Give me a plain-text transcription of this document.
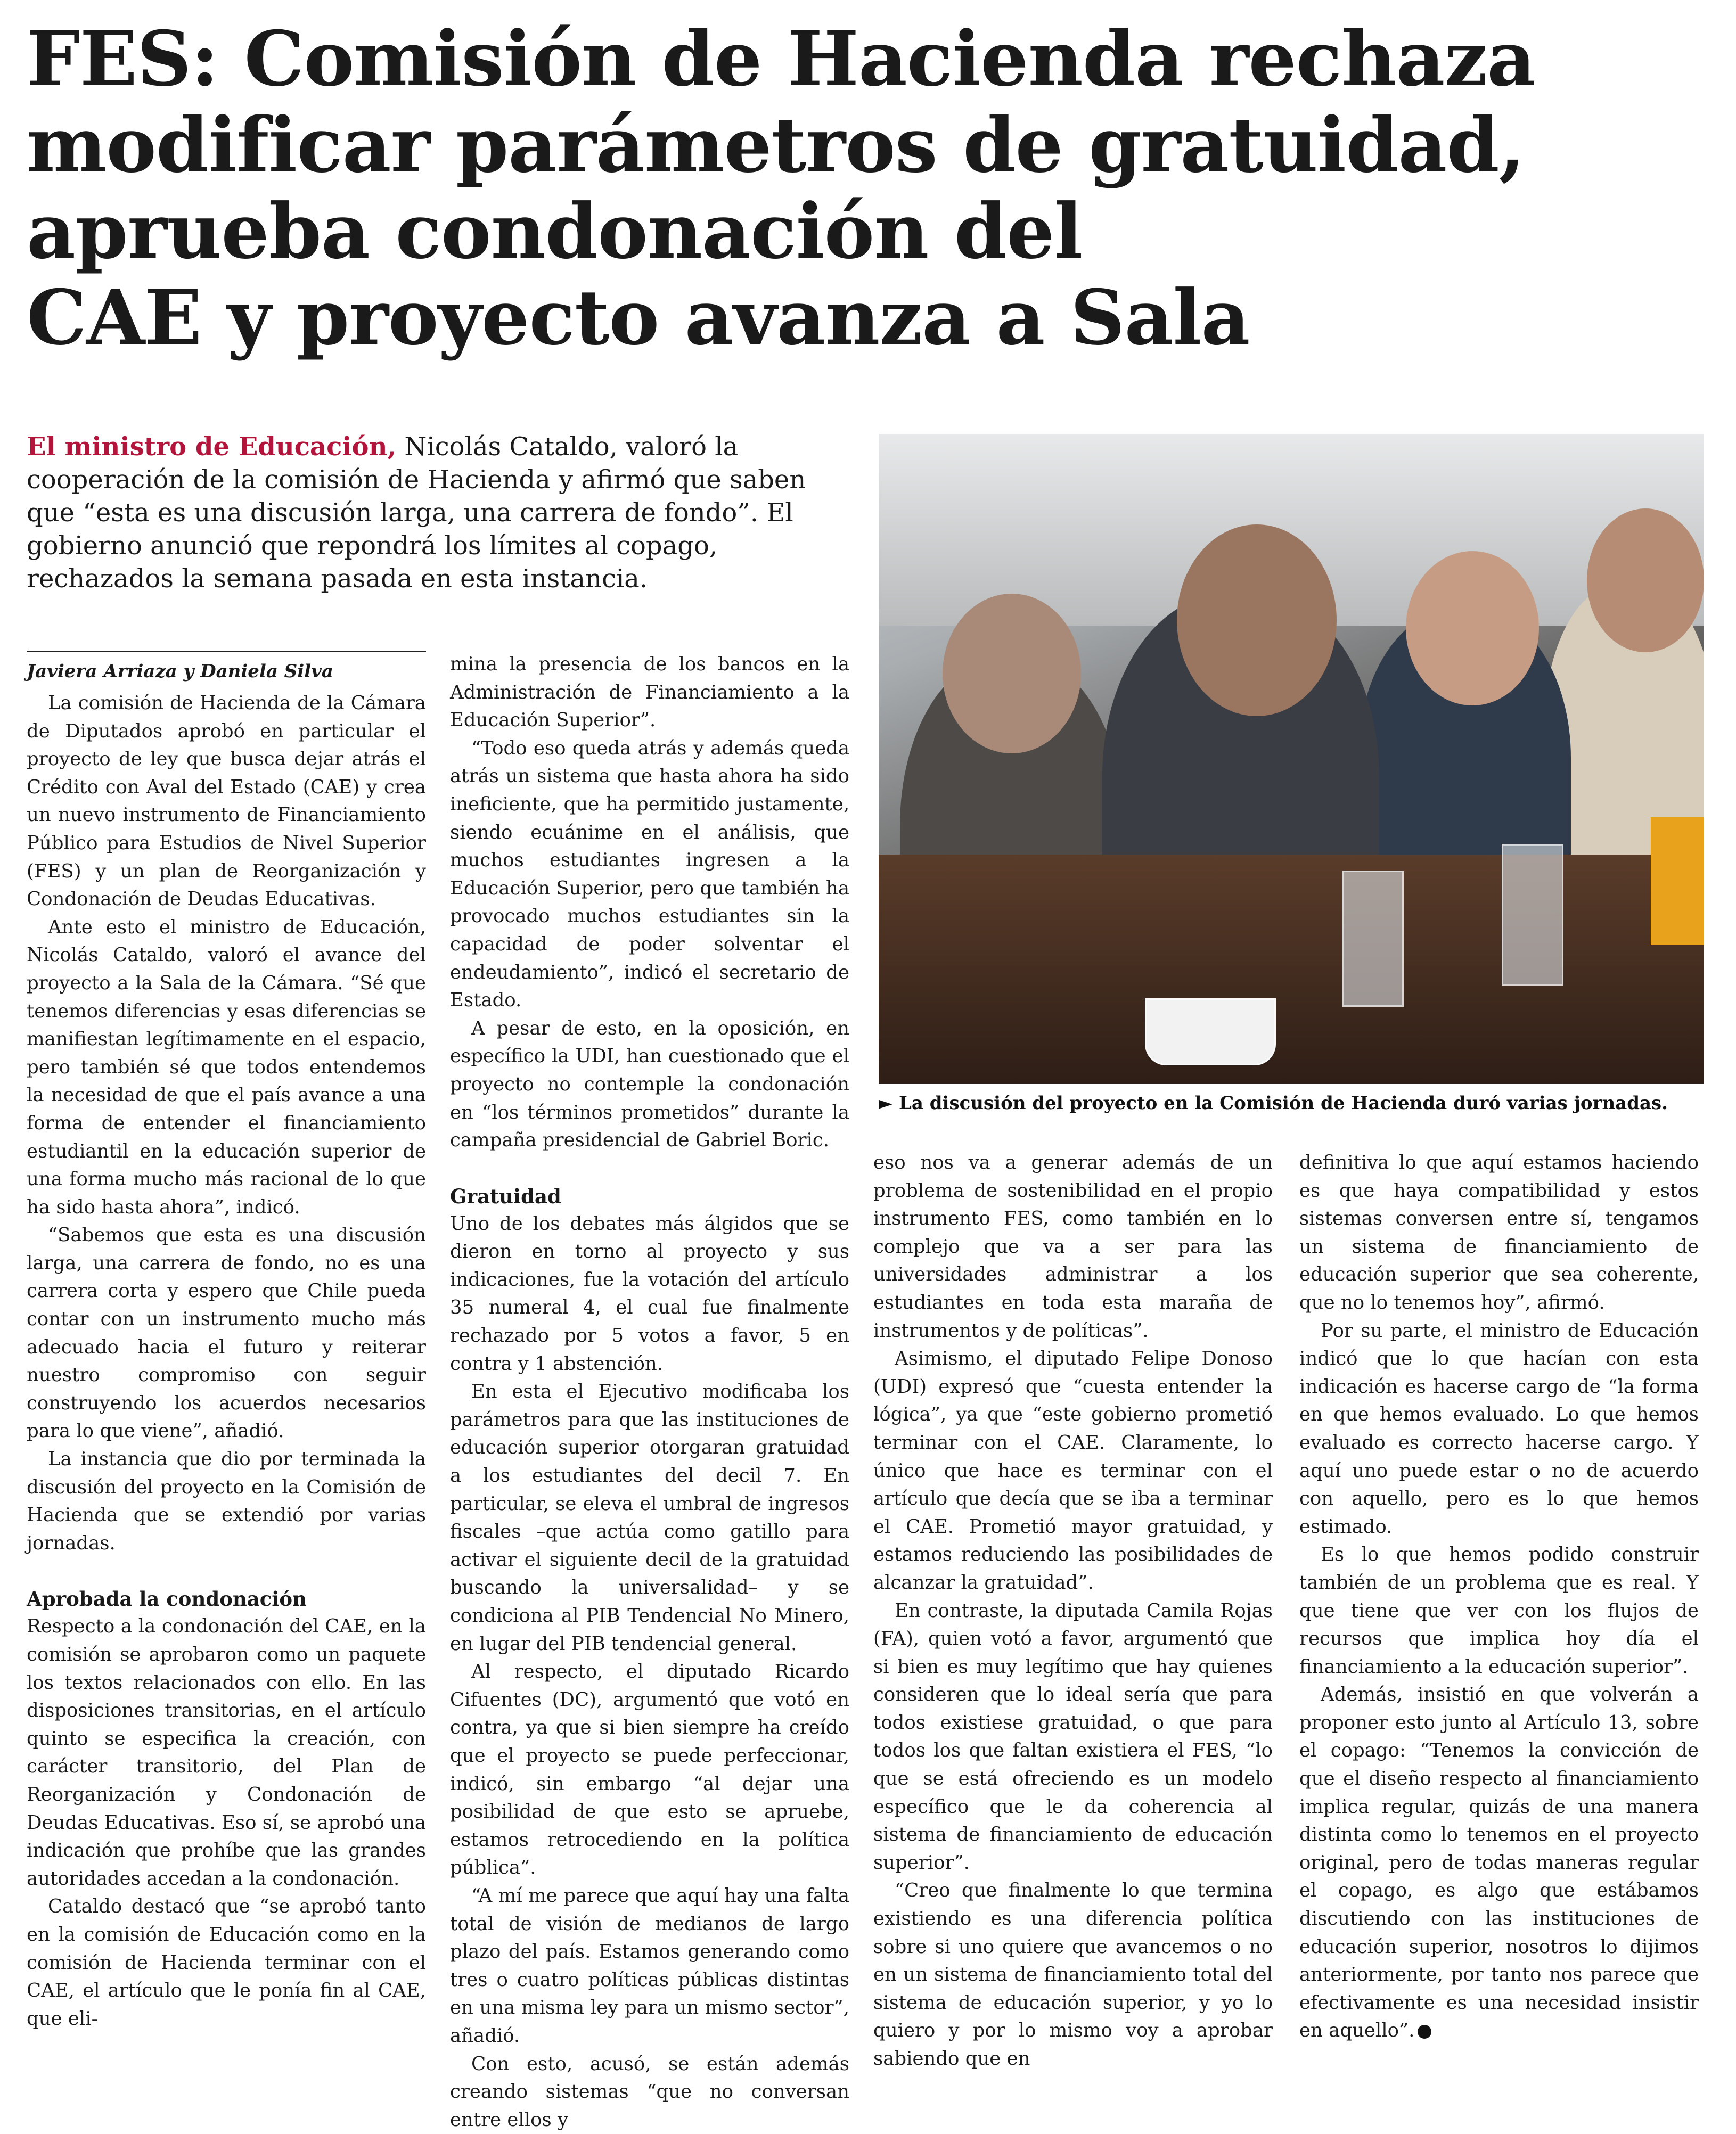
FES: Comisión de Hacienda rechaza
modificar parámetros de gratuidad,
aprueba condonación del
CAE y proyecto avanza a Sala

El ministro de Educación, Nicolás Cataldo, valoró la cooperación de la comisión de Hacienda y afirmó que saben que “esta es una discusión larga, una carrera de fondo”. El gobierno anunció que repondrá los límites al copago, rechazados la semana pasada en esta instancia.

► La discusión del proyecto en la Comisión de Hacienda duró varias jornadas.

Javiera Arriaza y Daniela Silva

La comisión de Hacienda de la Cámara de Diputados aprobó en particular el proyecto de ley que busca dejar atrás el Crédito con Aval del Estado (CAE) y crea un nuevo instrumento de Financiamiento Público para Estudios de Nivel Superior (FES) y un plan de Reorganización y Condonación de Deudas Educativas.

Ante esto el ministro de Educación, Nicolás Cataldo, valoró el avance del proyecto a la Sala de la Cámara. “Sé que tenemos diferencias y esas diferencias se manifiestan legítimamente en el espacio, pero también sé que todos entendemos la necesidad de que el país avance a una forma de entender el financiamiento estudiantil en la educación superior de una forma mucho más racional de lo que ha sido hasta ahora”, indicó.

“Sabemos que esta es una discusión larga, una carrera de fondo, no es una carrera corta y espero que Chile pueda contar con un instrumento mucho más adecuado hacia el futuro y reiterar nuestro compromiso con seguir construyendo los acuerdos necesarios para lo que viene”, añadió.

La instancia que dio por terminada la discusión del proyecto en la Comisión de Hacienda que se extendió por varias jornadas.

Aprobada la condonación

Respecto a la condonación del CAE, en la comisión se aprobaron como un paquete los textos relacionados con ello. En las disposiciones transitorias, en el artículo quinto se especifica la creación, con carácter transitorio, del Plan de Reorganización y Condonación de Deudas Educativas. Eso sí, se aprobó una indicación que prohíbe que las grandes autoridades accedan a la condonación.

Cataldo destacó que “se aprobó tanto en la comisión de Educación como en la comisión de Hacienda terminar con el CAE, el artículo que le ponía fin al CAE, que eli-

mina la presencia de los bancos en la Administración de Financiamiento a la Educación Superior”.

“Todo eso queda atrás y además queda atrás un sistema que hasta ahora ha sido ineficiente, que ha permitido justamente, siendo ecuánime en el análisis, que muchos estudiantes ingresen a la Educación Superior, pero que también ha provocado muchos estudiantes sin la capacidad de poder solventar el endeudamiento”, indicó el secretario de Estado.

A pesar de esto, en la oposición, en específico la UDI, han cuestionado que el proyecto no contemple la condonación en “los términos prometidos” durante la campaña presidencial de Gabriel Boric.

Gratuidad

Uno de los debates más álgidos que se dieron en torno al proyecto y sus indicaciones, fue la votación del artículo 35 numeral 4, el cual fue finalmente rechazado por 5 votos a favor, 5 en contra y 1 abstención.

En esta el Ejecutivo modificaba los parámetros para que las instituciones de educación superior otorgaran gratuidad a los estudiantes del decil 7. En particular, se eleva el umbral de ingresos fiscales –que actúa como gatillo para activar el siguiente decil de la gratuidad buscando la universalidad– y se condiciona al PIB Tendencial No Minero, en lugar del PIB tendencial general.

Al respecto, el diputado Ricardo Cifuentes (DC), argumentó que votó en contra, ya que si bien siempre ha creído que el proyecto se puede perfeccionar, indicó, sin embargo “al dejar una posibilidad de que esto se apruebe, estamos retrocediendo en la política pública”.

“A mí me parece que aquí hay una falta total de visión de medianos de largo plazo del país. Estamos generando como tres o cuatro políticas públicas distintas en una misma ley para un mismo sector”, añadió.

Con esto, acusó, se están además creando sistemas “que no conversan entre ellos y

eso nos va a generar además de un problema de sostenibilidad en el propio instrumento FES, como también en lo complejo que va a ser para las universidades administrar a los estudiantes en toda esta maraña de instrumentos y de políticas”.

Asimismo, el diputado Felipe Donoso (UDI) expresó que “cuesta entender la lógica”, ya que “este gobierno prometió terminar con el CAE. Claramente, lo único que hace es terminar con el artículo que decía que se iba a terminar el CAE. Prometió mayor gratuidad, y estamos reduciendo las posibilidades de alcanzar la gratuidad”.

En contraste, la diputada Camila Rojas (FA), quien votó a favor, argumentó que si bien es muy legítimo que hay quienes consideren que lo ideal sería que para todos existiese gratuidad, o que para todos los que faltan existiera el FES, “lo que se está ofreciendo es un modelo específico que le da coherencia al sistema de financiamiento de educación superior”.

“Creo que finalmente lo que termina existiendo es una diferencia política sobre si uno quiere que avancemos o no en un sistema de financiamiento total del sistema de educación superior, y yo lo quiero y por lo mismo voy a aprobar sabiendo que en

definitiva lo que aquí estamos haciendo es que haya compatibilidad y estos sistemas conversen entre sí, tengamos un sistema de financiamiento de educación superior que sea coherente, que no lo tenemos hoy”, afirmó.

Por su parte, el ministro de Educación indicó que lo que hacían con esta indicación es hacerse cargo de “la forma en que hemos evaluado. Lo que hemos evaluado es correcto hacerse cargo. Y aquí uno puede estar o no de acuerdo con aquello, pero es lo que hemos estimado.

Es lo que hemos podido construir también de un problema que es real. Y que tiene que ver con los flujos de recursos que implica hoy día el financiamiento a la educación superior”.

Además, insistió en que volverán a proponer esto junto al Artículo 13, sobre el copago: “Tenemos la convicción de que el diseño respecto al financiamiento implica regular, quizás de una manera distinta como lo tenemos en el proyecto original, pero de todas maneras regular el copago, es algo que estábamos discutiendo con las instituciones de educación superior, nosotros lo dijimos anteriormente, por tanto nos parece que efectivamente es una necesidad insistir en aquello”.
